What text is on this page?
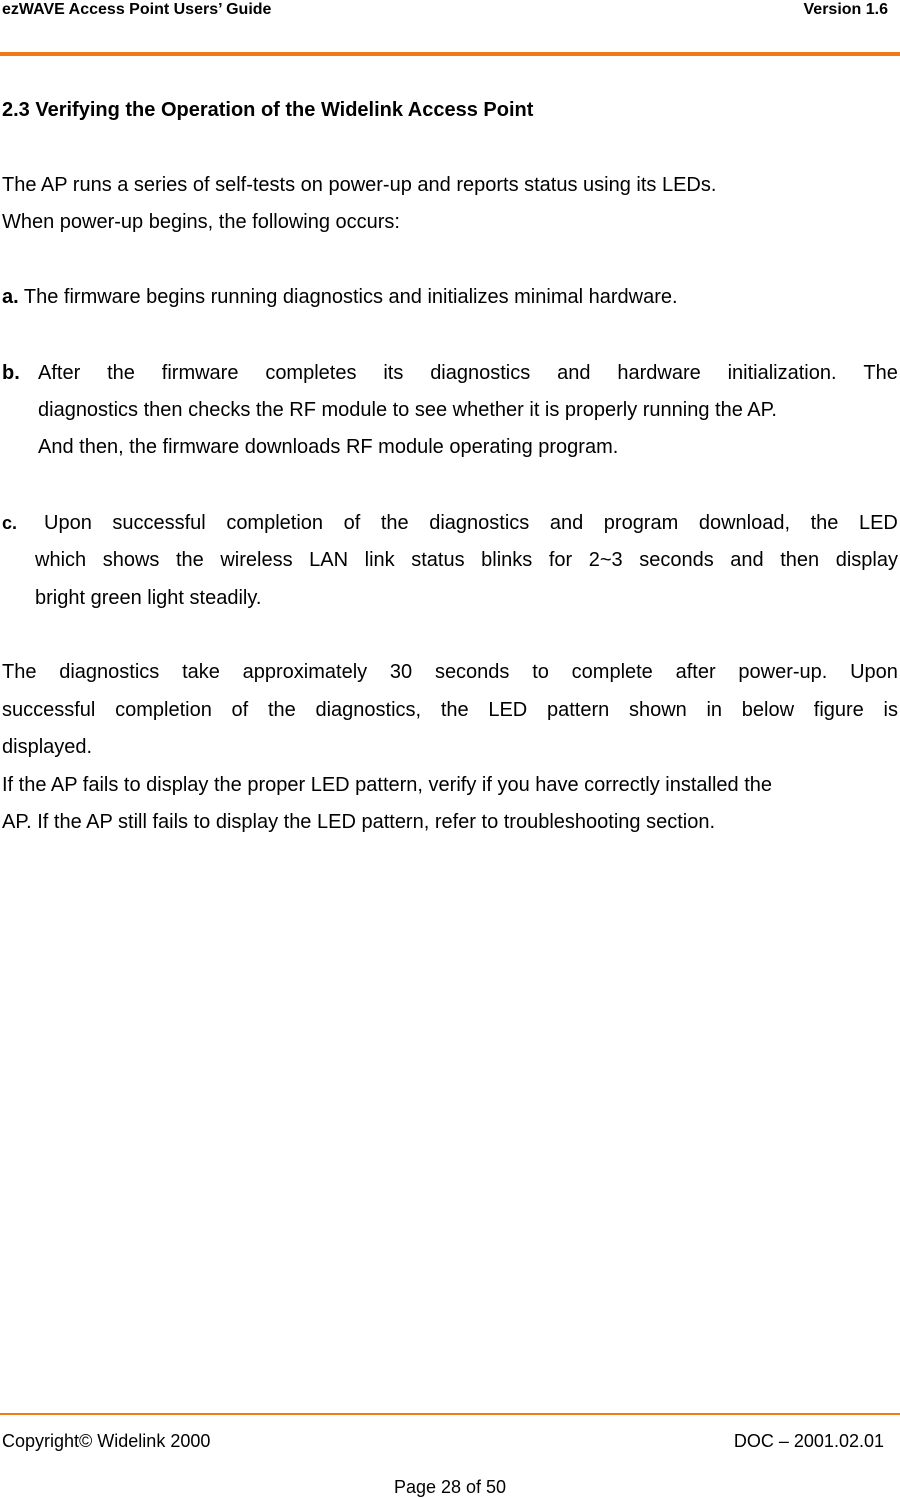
ezWAVE Access Point Users’ Guide	Version 1.6
2.3 Verifying the Operation of the Widelink Access Point
The AP runs a series of self-tests on power-up and reports status using its LEDs.
When power-up begins, the following occurs:
a. The firmware begins running diagnostics and initializes minimal hardware.
b. After the firmware completes its diagnostics and hardware initialization. The
diagnostics then checks the RF module to see whether it is properly running the AP.
And then, the firmware downloads RF module operating program.
c. Upon successful completion of the diagnostics and program download, the LED
which shows the wireless LAN link status blinks for 2~3 seconds and then display
bright green light steadily.
The diagnostics take approximately 30 seconds to complete after power-up. Upon
successful completion of the diagnostics, the LED pattern shown in below figure is
displayed.
If the AP fails to display the proper LED pattern, verify if you have correctly installed the
AP. If the AP still fails to display the LED pattern, refer to troubleshooting section.
Copyright© Widelink 2000	DOC – 2001.02.01
Page 28 of 50
